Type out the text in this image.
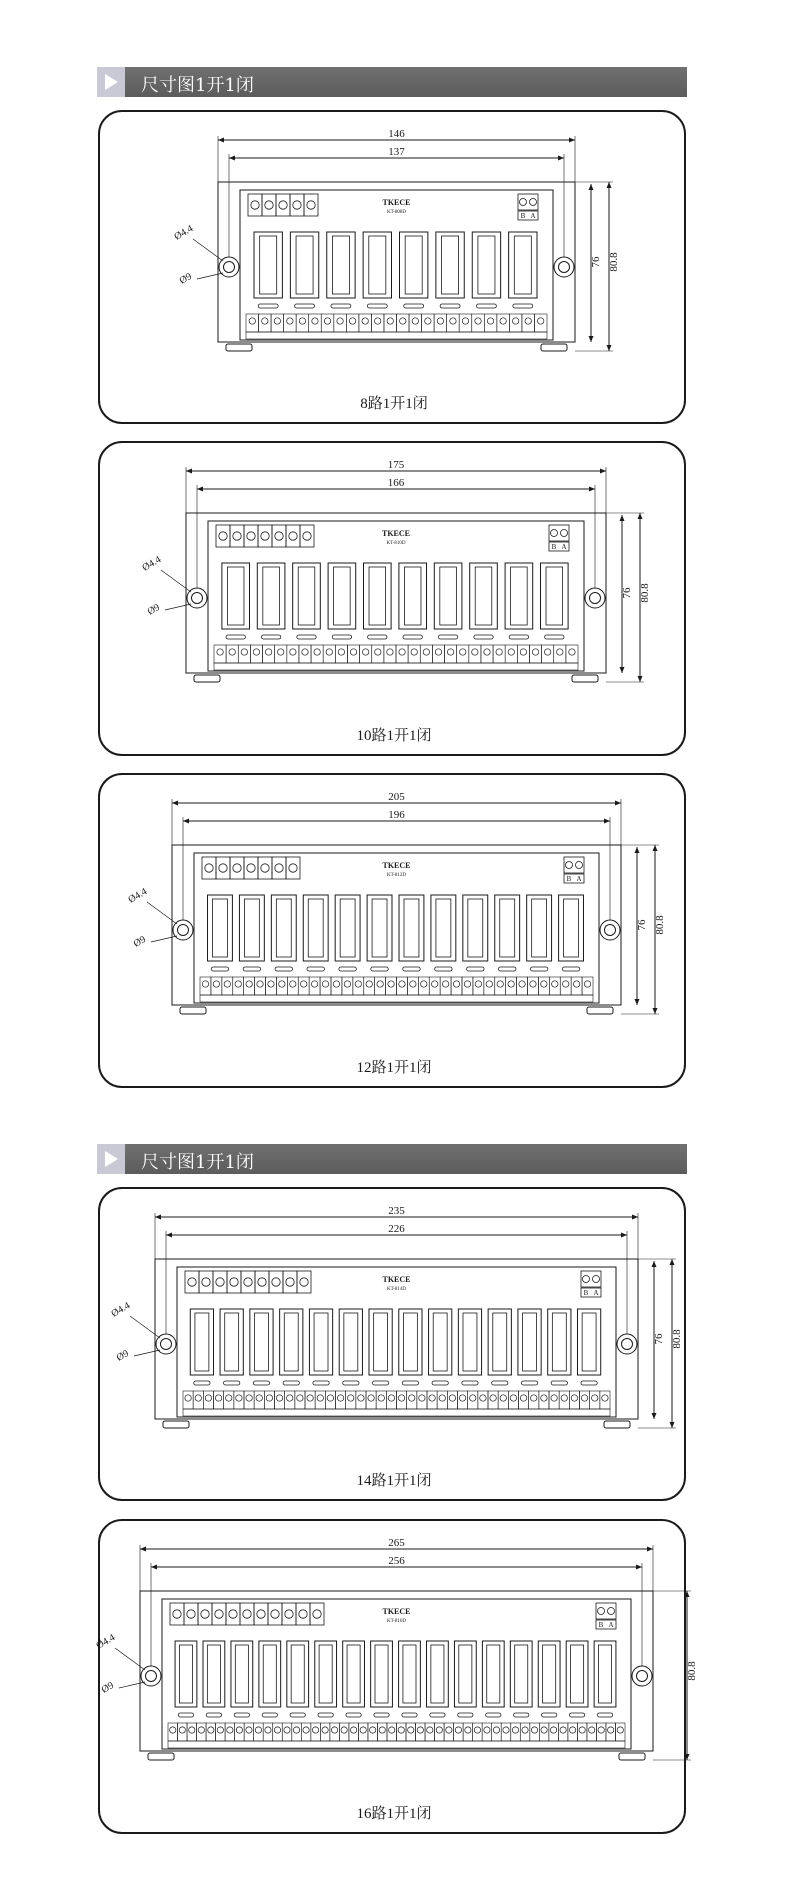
尺寸图1开1闭
尺寸图1开1闭
TKECE
KT-808D	B A
146
137
76 80.8
Ø4.4
Ø9
8路1开1闭
TKECE
KT-810D	B A
175
166
76 80.8
Ø4.4
Ø9
10路1开1闭
TKECE
KT-812D	B A
205
196
76 80.8
Ø4.4
Ø9
12路1开1闭
TKECE
KT-814D	B A
235
226
76 80.8
Ø4.4
Ø9
14路1开1闭
TKECE
KT-816D	B A
265
256
80.8
Ø4.4
Ø9
16路1开1闭
